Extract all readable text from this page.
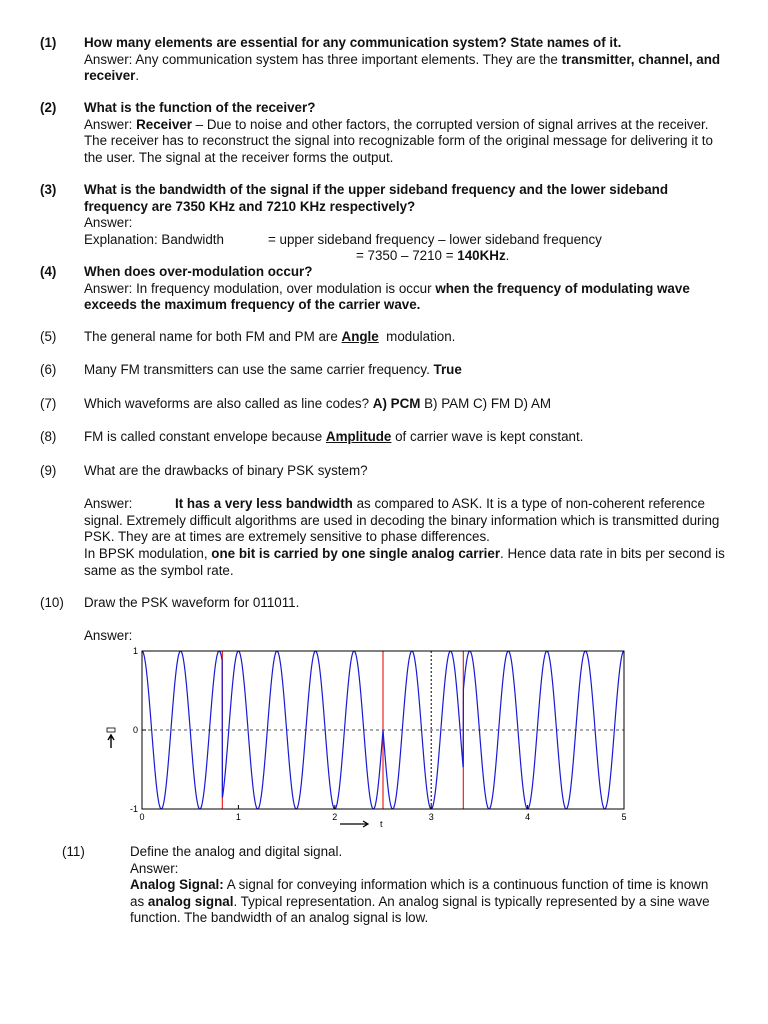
(1) How many elements are essential for any communication system? State names of it.
Answer: Any communication system has three important elements. They are the transmitter, channel, and receiver.
(2) What is the function of the receiver?
Answer: Receiver – Due to noise and other factors, the corrupted version of signal arrives at the receiver. The receiver has to reconstruct the signal into recognizable form of the original message for delivering it to the user. The signal at the receiver forms the output.
(3) What is the bandwidth of the signal if the upper sideband frequency and the lower sideband frequency are 7350 KHz and 7210 KHz respectively?
Answer:
Explanation: Bandwidth	= upper sideband frequency – lower sideband frequency
= 7350 – 7210 = 140KHz.
(4) When does over-modulation occur?
Answer: In frequency modulation, over modulation is occur when the frequency of modulating wave exceeds the maximum frequency of the carrier wave.
(5) The general name for both FM and PM are Angle  modulation.
(6) Many FM transmitters can use the same carrier frequency. True
(7) Which waveforms are also called as line codes? A) PCM B) PAM C) FM D) AM
(8) FM is called constant envelope because Amplitude of carrier wave is kept constant.
(9) What are the drawbacks of binary PSK system?
Answer:	It has a very less bandwidth as compared to ASK. It is a type of non-coherent reference signal. Extremely difficult algorithms are used in decoding the binary information which is transmitted during PSK. They are at times are extremely sensitive to phase differences.
In BPSK modulation, one bit is carried by one single analog carrier. Hence data rate in bits per second is same as the symbol rate.
(10) Draw the PSK waveform for 011011.
Answer:
0	1	2	3	4	5
-1
0
1
t
(11)	Define the analog and digital signal.
Answer:
Analog Signal: A signal for conveying information which is a continuous function of time is known as analog signal. Typical representation. An analog signal is typically represented by a sine wave function. The bandwidth of an analog signal is low.
